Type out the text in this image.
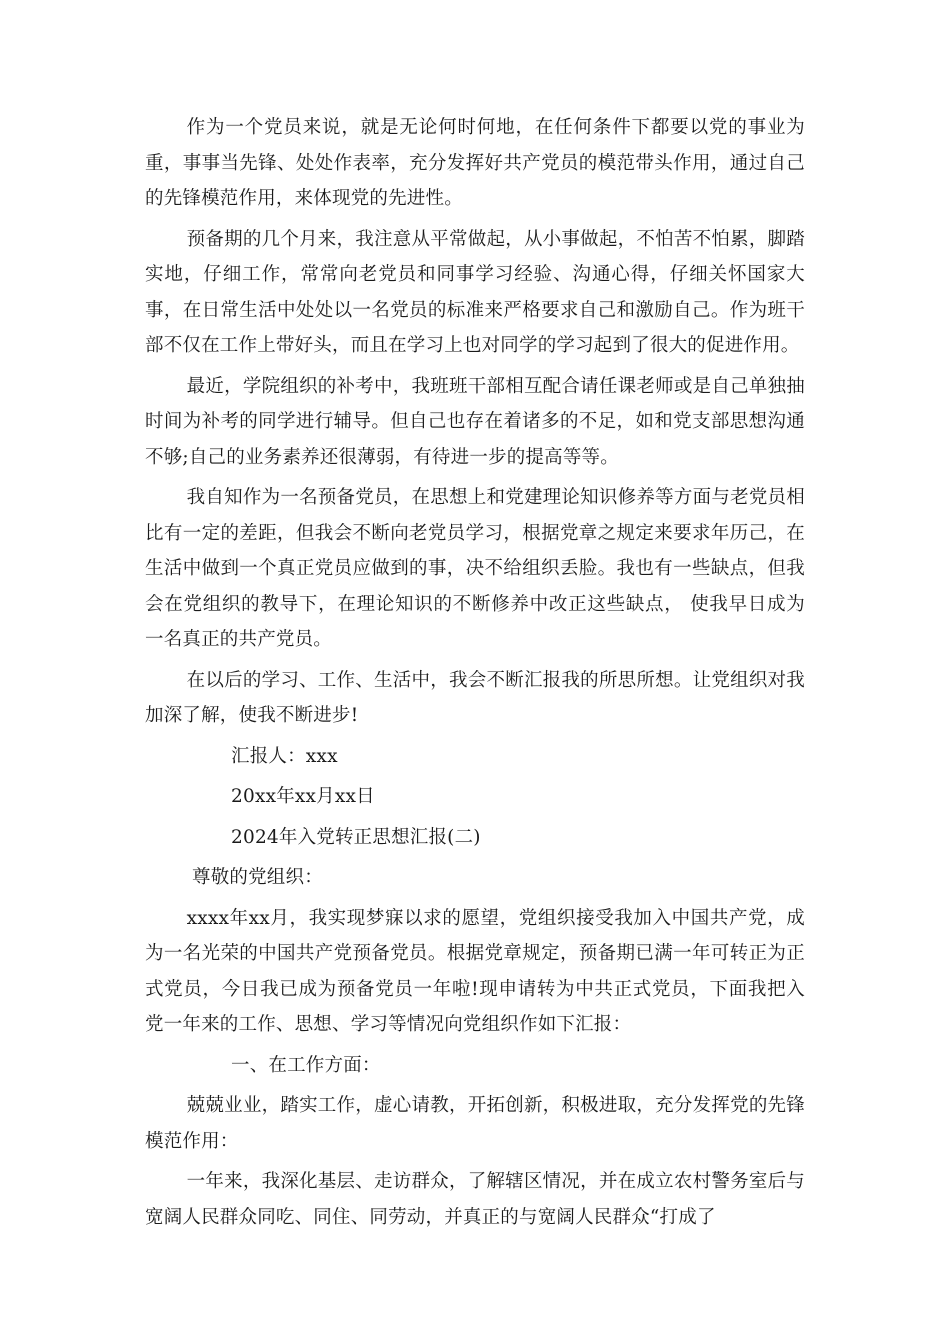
作为一个党员来说，就是无论何时何地，在任何条件下都要以党的事业为重，事事当先锋、处处作表率，充分发挥好共产党员的模范带头作用，通过自己的先锋模范作用，来体现党的先进性。

预备期的几个月来，我注意从平常做起，从小事做起，不怕苦不怕累，脚踏实地，仔细工作，常常向老党员和同事学习经验、沟通心得，仔细关怀国家大事，在日常生活中处处以一名党员的标准来严格要求自己和激励自己。作为班干部不仅在工作上带好头，而且在学习上也对同学的学习起到了很大的促进作用。

最近，学院组织的补考中，我班班干部相互配合请任课老师或是自己单独抽时间为补考的同学进行辅导。但自己也存在着诸多的不足，如和党支部思想沟通不够;自己的业务素养还很薄弱，有待进一步的提高等等。

我自知作为一名预备党员，在思想上和党建理论知识修养等方面与老党员相比有一定的差距，但我会不断向老党员学习，根据党章之规定来要求年历己，在生活中做到一个真正党员应做到的事，决不给组织丢脸。我也有一些缺点，但我会在党组织的教导下，在理论知识的不断修养中改正这些缺点， 使我早日成为一名真正的共产党员。

在以后的学习、工作、生活中，我会不断汇报我的所思所想。让党组织对我加深了解，使我不断进步!

汇报人：xxx

20xx年xx月xx日

2024年入党转正思想汇报(二)

尊敬的党组织：

xxxx年xx月，我实现梦寐以求的愿望，党组织接受我加入中国共产党，成为一名光荣的中国共产党预备党员。根据党章规定，预备期已满一年可转正为正式党员，今日我已成为预备党员一年啦!现申请转为中共正式党员，下面我把入党一年来的工作、思想、学习等情况向党组织作如下汇报：

一、在工作方面：

兢兢业业，踏实工作，虚心请教，开拓创新，积极进取，充分发挥党的先锋模范作用：

一年来，我深化基层、走访群众，了解辖区情况，并在成立农村警务室后与宽阔人民群众同吃、同住、同劳动，并真正的与宽阔人民群众“打成了
